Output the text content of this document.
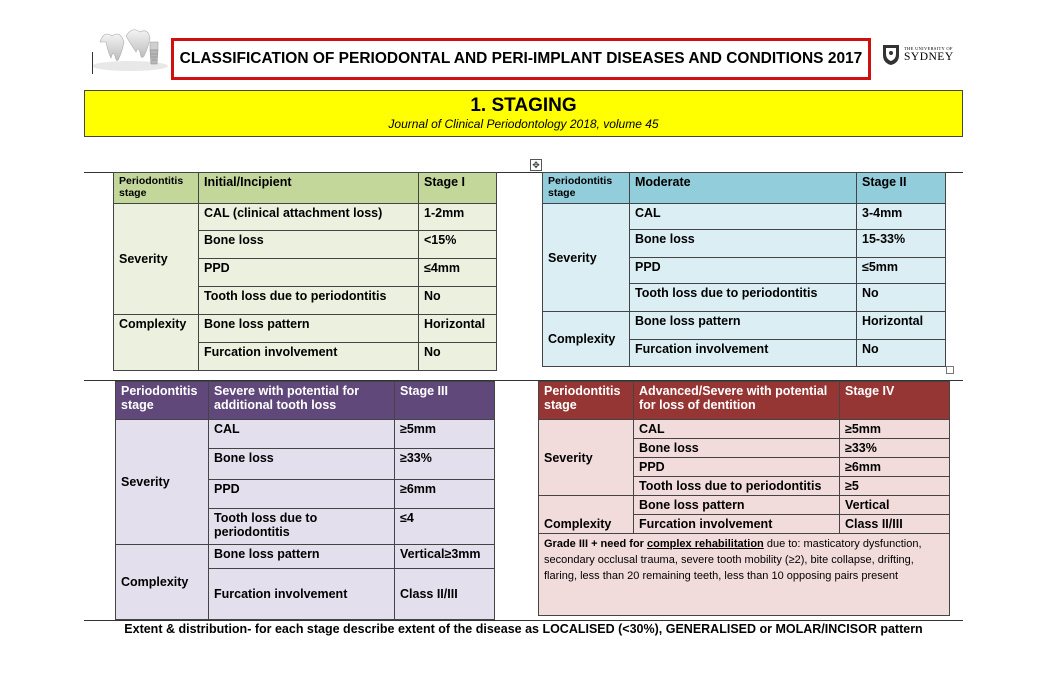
CLASSIFICATION OF PERIODONTAL AND PERI-IMPLANT DISEASES AND CONDITIONS 2017
THE UNIVERSITY OF
SYDNEY
1. STAGING
Journal of Clinical Periodontology 2018, volume 45
✥
Periodontitis stage	Initial/Incipient	Stage I
Severity	CAL (clinical attachment loss)	1-2mm
	Bone loss	<15%
	PPD	≤4mm
	Tooth loss due to periodontitis	No
Complexity	Bone loss pattern	Horizontal
	Furcation involvement	No
Periodontitis stage	Moderate	Stage II
Severity	CAL	3-4mm
	Bone loss	15-33%
	PPD	≤5mm
	Tooth loss due to periodontitis	No
Complexity	Bone loss pattern	Horizontal
	Furcation involvement	No
Periodontitis stage	Severe with potential for additional tooth loss	Stage III
Severity	CAL	≥5mm
	Bone loss	≥33%
	PPD	≥6mm
	Tooth loss due to periodontitis	≤4
Complexity	Bone loss pattern	Vertical≥3mm
	Furcation involvement	Class II/III
Periodontitis stage	Advanced/Severe with potential for loss of dentition	Stage IV
Severity	CAL	≥5mm
	Bone loss	≥33%
	PPD	≥6mm
	Tooth loss due to periodontitis	≥5
Complexity	Bone loss pattern	Vertical
	Furcation involvement	Class II/III
Grade III + need for complex rehabilitation due to: masticatory dysfunction, secondary occlusal trauma, severe tooth mobility (≥2), bite collapse, drifting, flaring, less than 20 remaining teeth, less than 10 opposing pairs present		
Extent & distribution- for each stage describe extent of the disease as LOCALISED (<30%), GENERALISED or MOLAR/INCISOR pattern
